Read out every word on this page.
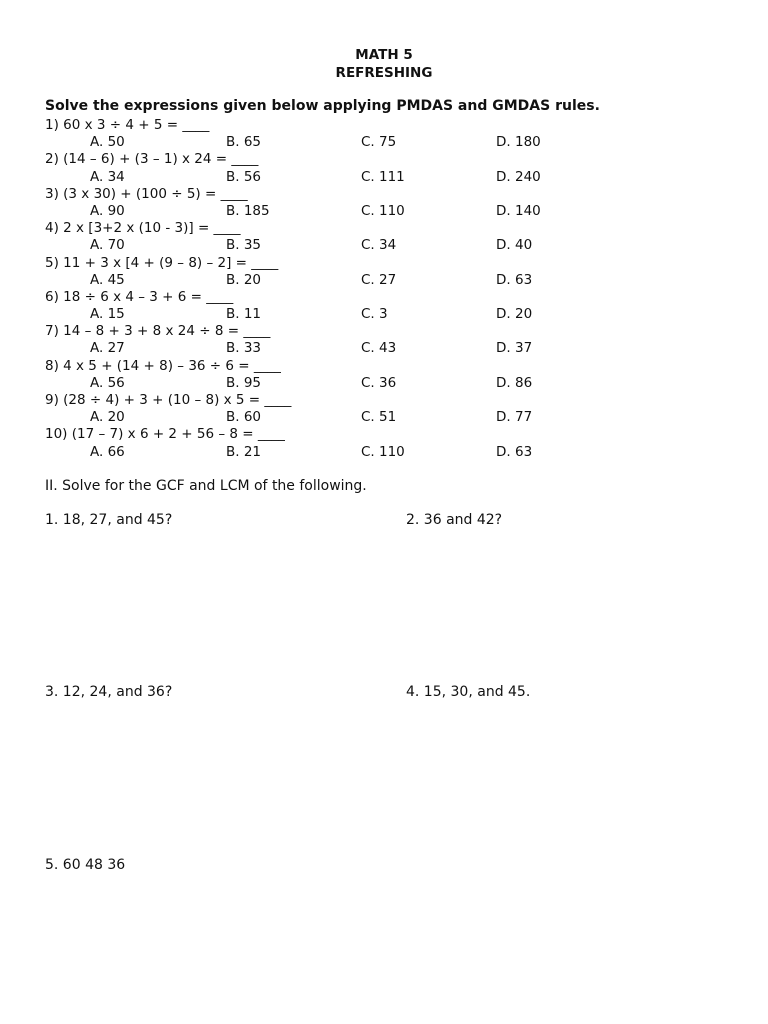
MATH 5
REFRESHING
Solve the expressions given below applying PMDAS and GMDAS rules.
1) 60 x 3 ÷ 4 + 5 = ____
A. 50	B. 65	C. 75	D. 180
2) (14 – 6) + (3 – 1) x 24 = ____
A. 34	B. 56	C. 111	D. 240
3) (3 x 30) + (100 ÷ 5) = ____
A. 90	B. 185	C. 110	D. 140
4) 2 x [3+2 x (10 - 3)] = ____
A. 70	B. 35	C. 34	D. 40
5) 11 + 3 x [4 + (9 – 8) – 2] = ____
A. 45	B. 20	C. 27	D. 63
6) 18 ÷ 6 x 4 – 3 + 6 = ____
A. 15	B. 11	C. 3	D. 20
7) 14 – 8 + 3 + 8 x 24 ÷ 8 = ____
A. 27	B. 33	C. 43	D. 37
8) 4 x 5 + (14 + 8) – 36 ÷ 6 = ____
A. 56	B. 95	C. 36	D. 86
9) (28 ÷ 4) + 3 + (10 – 8) x 5 = ____
A. 20	B. 60	C. 51	D. 77
10) (17 – 7) x 6 + 2 + 56 – 8 = ____
A. 66	B. 21	C. 110	D. 63
II. Solve for the GCF and LCM of the following.
1. 18, 27, and 45?	2. 36 and 42?
3. 12, 24, and 36?	4. 15, 30, and 45.
5. 60 48 36
